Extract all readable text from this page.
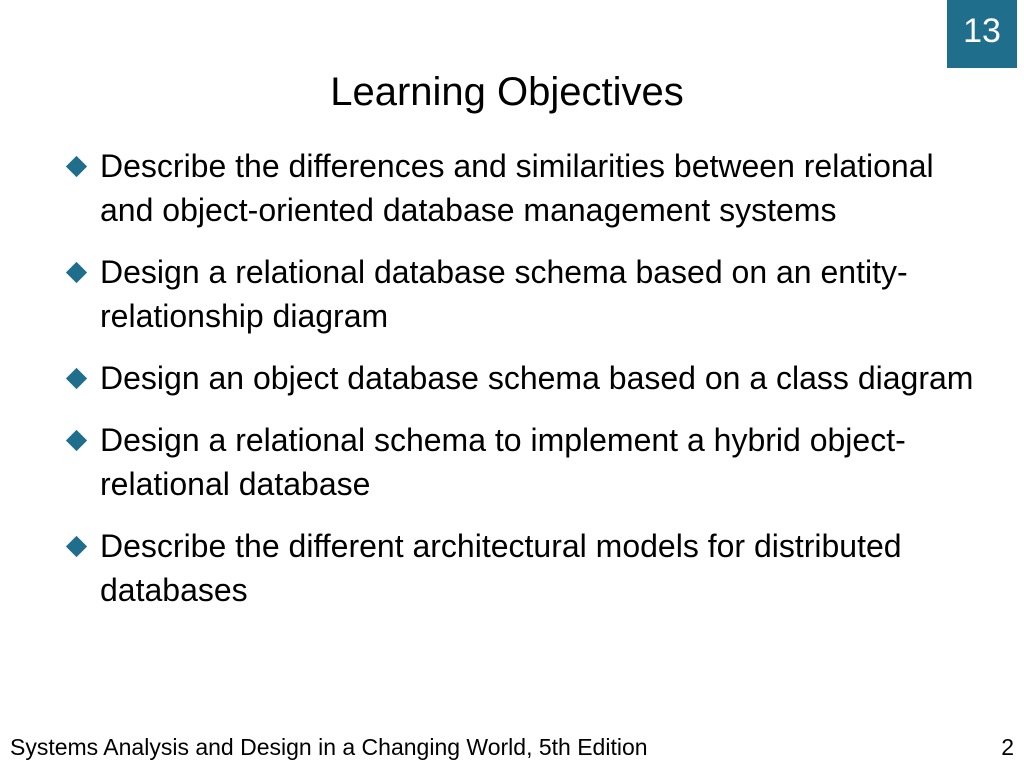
13
Learning Objectives
Describe the differences and similarities between relational and object-oriented database management systems
Design a relational database schema based on an entity-relationship diagram
Design an object database schema based on a class diagram
Design a relational schema to implement a hybrid object-relational database
Describe the different architectural models for distributed databases
Systems Analysis and Design in a Changing World, 5th Edition	2
